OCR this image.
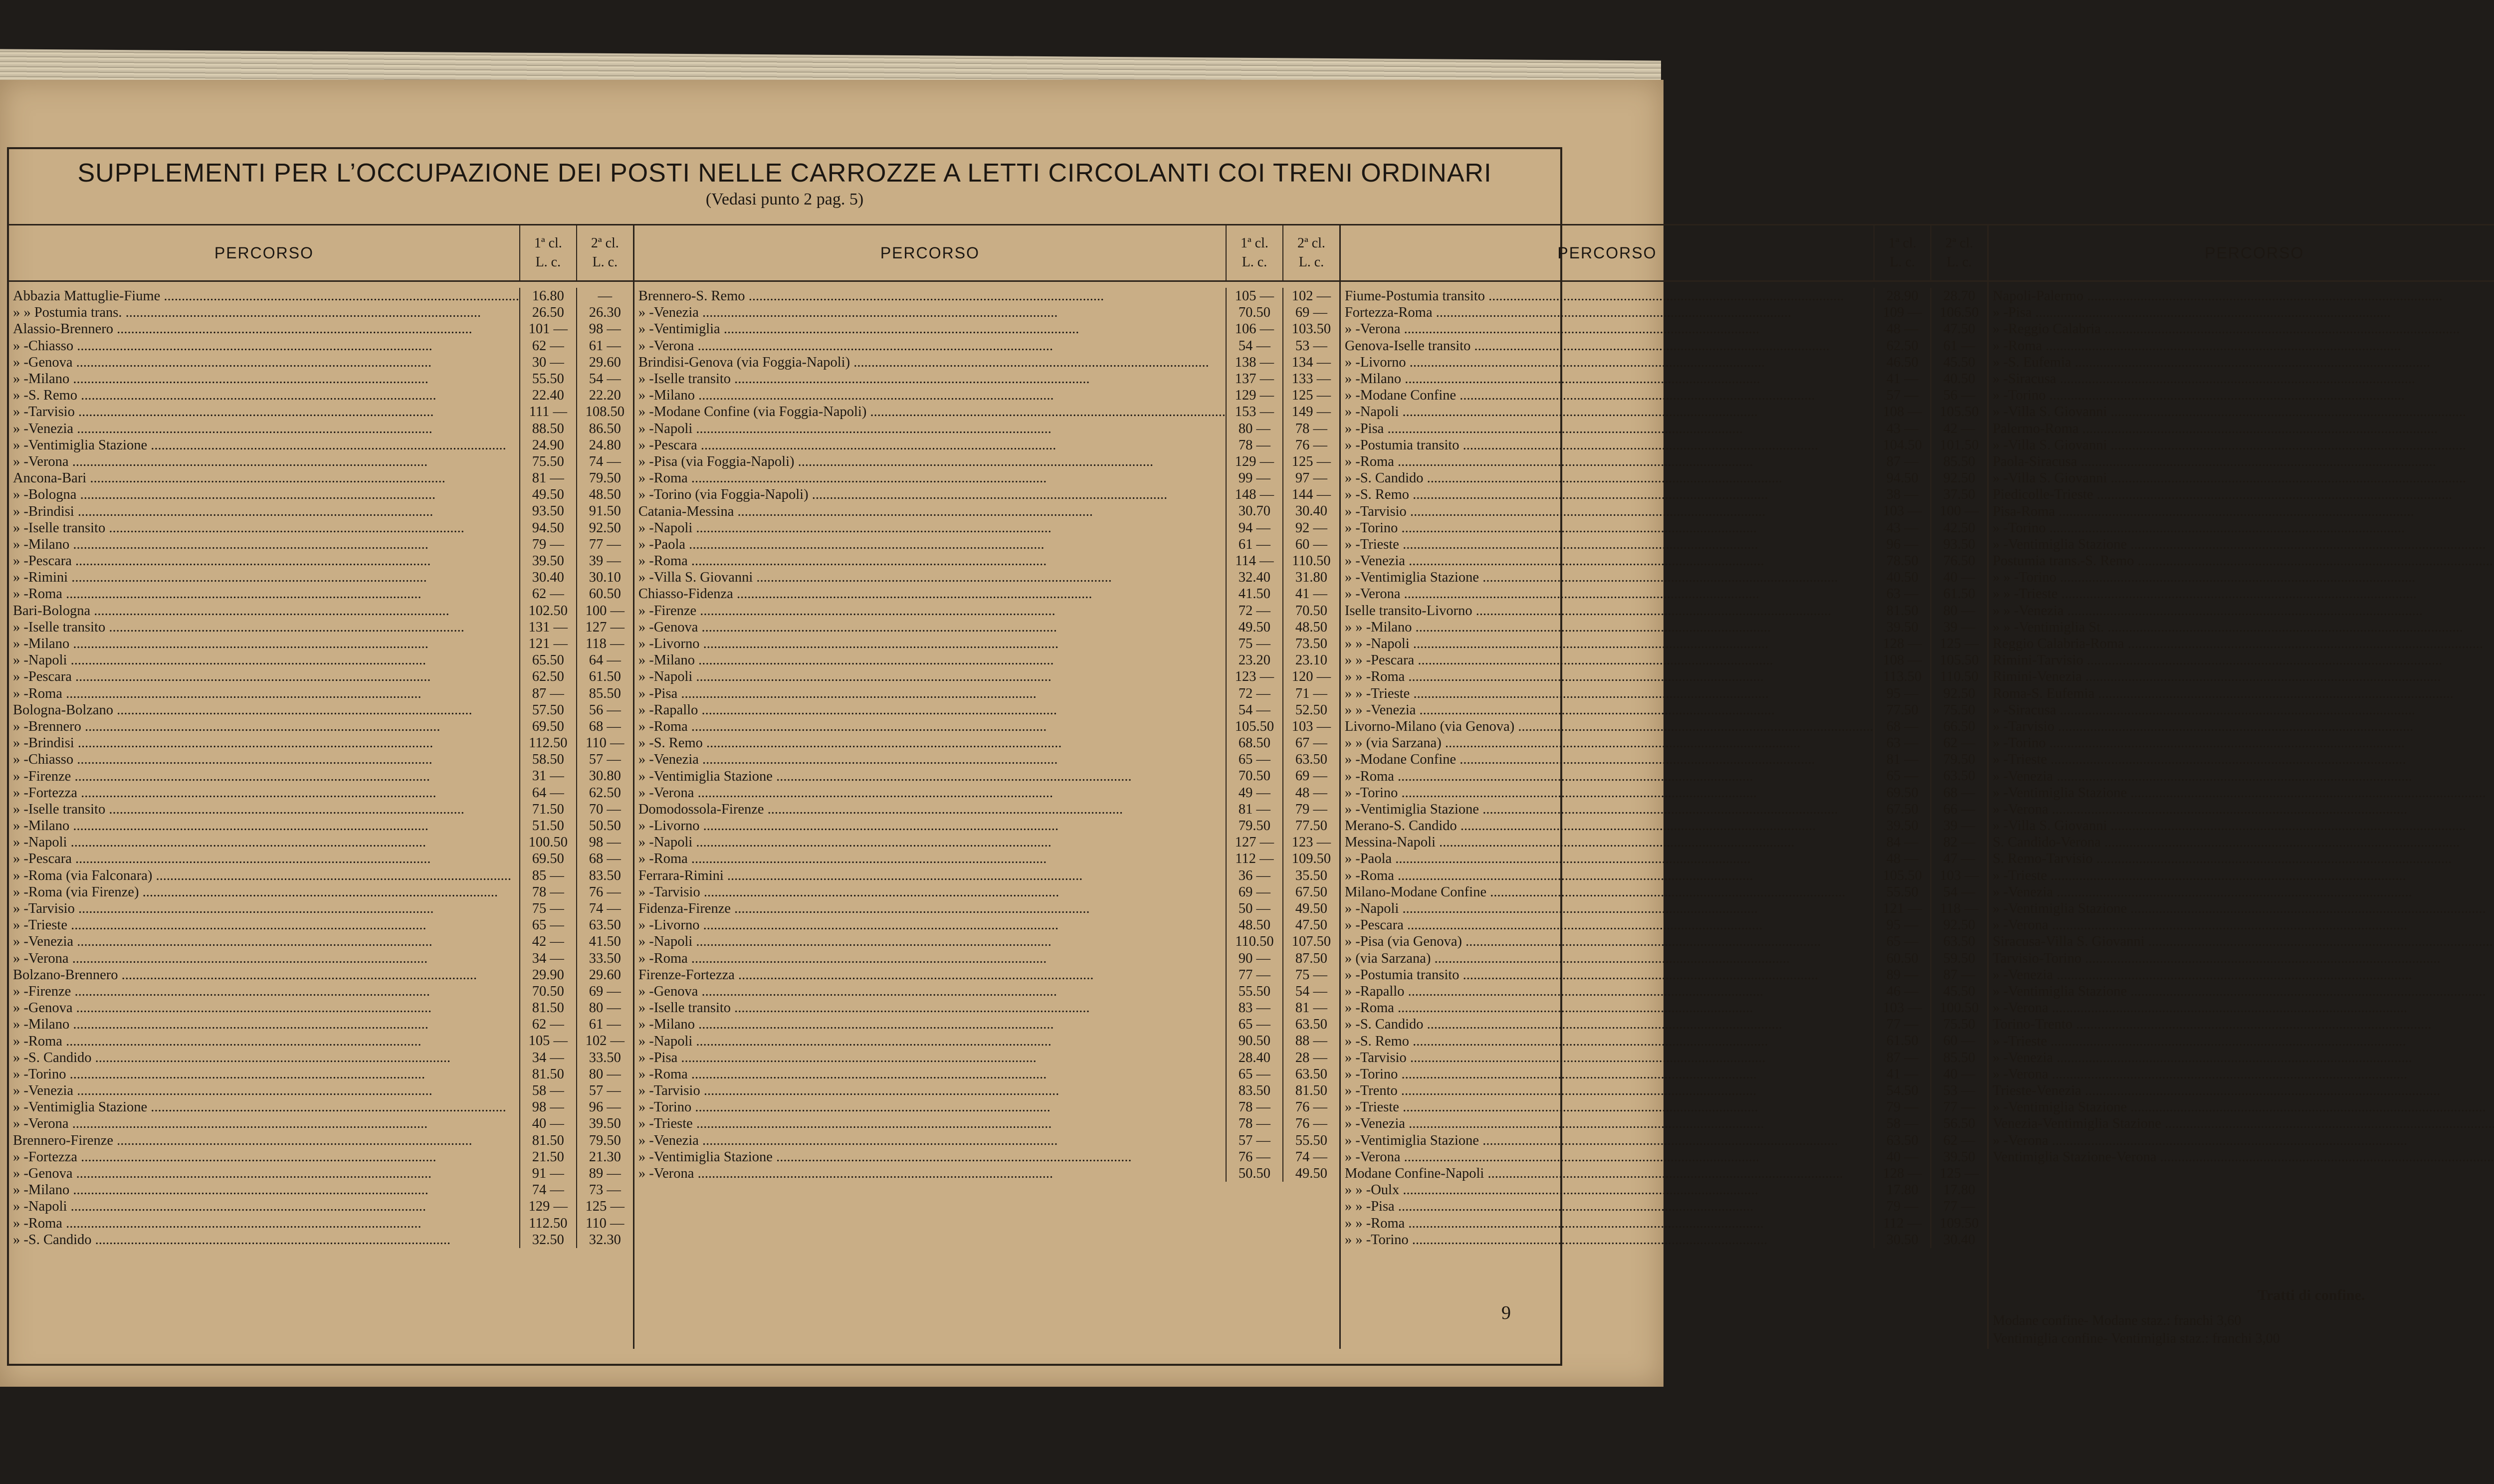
SUPPLEMENTI PER L’OCCUPAZIONE DEI POSTI NELLE CARROZZE A LETTI CIRCOLANTI COI TRENI ORDINARI
(Vedasi punto 2 pag. 5)
PERCORSO
1ª cl.
L. c.
2ª cl.
L. c.
Abbazia Mattuglie-Fiume .....	16.80	—
» » Postumia trans. .....	26.50	26.30
Alassio-Brennero .....	101 —	98 —
» -Chiasso .....	62 —	61 —
» -Genova .....	30 —	29.60
» -Milano .....	55.50	54 —
» -S. Remo .....	22.40	22.20
» -Tarvisio .....	111 —	108.50
» -Venezia .....	88.50	86.50
» -Ventimiglia Stazione .....	24.90	24.80
» -Verona .....	75.50	74 —
Ancona-Bari .....	81 —	79.50
» -Bologna .....	49.50	48.50
» -Brindisi .....	93.50	91.50
» -Iselle transito .....	94.50	92.50
» -Milano .....	79 —	77 —
» -Pescara .....	39.50	39 —
» -Rimini .....	30.40	30.10
» -Roma .....	62 —	60.50
Bari-Bologna .....	102.50	100 —
» -Iselle transito .....	131 —	127 —
» -Milano .....	121 —	118 —
» -Napoli .....	65.50	64 —
» -Pescara .....	62.50	61.50
» -Roma .....	87 —	85.50
Bologna-Bolzano .....	57.50	56 —
» -Brennero .....	69.50	68 —
» -Brindisi .....	112.50	110 —
» -Chiasso .....	58.50	57 —
» -Firenze .....	31 —	30.80
» -Fortezza .....	64 —	62.50
» -Iselle transito .....	71.50	70 —
» -Milano .....	51.50	50.50
» -Napoli .....	100.50	98 —
» -Pescara .....	69.50	68 —
» -Roma (via Falconara) .....	85 —	83.50
» -Roma (via Firenze) .....	78 —	76 —
» -Tarvisio .....	75 —	74 —
» -Trieste .....	65 —	63.50
» -Venezia .....	42 —	41.50
» -Verona .....	34 —	33.50
Bolzano-Brennero .....	29.90	29.60
» -Firenze .....	70.50	69 —
» -Genova .....	81.50	80 —
» -Milano .....	62 —	61 —
» -Roma .....	105 —	102 —
» -S. Candido .....	34 —	33.50
» -Torino .....	81.50	80 —
» -Venezia .....	58 —	57 —
» -Ventimiglia Stazione .....	98 —	96 —
» -Verona .....	40 —	39.50
Brennero-Firenze .....	81.50	79.50
» -Fortezza .....	21.50	21.30
» -Genova .....	91 —	89 —
» -Milano .....	74 —	73 —
» -Napoli .....	129 —	125 —
» -Roma .....	112.50	110 —
» -S. Candido .....	32.50	32.30
PERCORSO
1ª cl.
L. c.
2ª cl.
L. c.
Brennero-S. Remo .....	105 —	102 —
» -Venezia .....	70.50	69 —
» -Ventimiglia .....	106 —	103.50
» -Verona .....	54 —	53 —
Brindisi-Genova (via Foggia-Napoli) .....	138 —	134 —
» -Iselle transito .....	137 —	133 —
» -Milano .....	129 —	125 —
» -Modane Confine (via Foggia-Napoli) .....	153 —	149 —
» -Napoli .....	80 —	78 —
» -Pescara .....	78 —	76 —
» -Pisa (via Foggia-Napoli) .....	129 —	125 —
» -Roma .....	99 —	97 —
» -Torino (via Foggia-Napoli) .....	148 —	144 —
Catania-Messina .....	30.70	30.40
» -Napoli .....	94 —	92 —
» -Paola .....	61 —	60 —
» -Roma .....	114 —	110.50
» -Villa S. Giovanni .....	32.40	31.80
Chiasso-Fidenza .....	41.50	41 —
» -Firenze .....	72 —	70.50
» -Genova .....	49.50	48.50
» -Livorno .....	75 —	73.50
» -Milano .....	23.20	23.10
» -Napoli .....	123 —	120 —
» -Pisa .....	72 —	71 —
» -Rapallo .....	54 —	52.50
» -Roma .....	105.50	103 —
» -S. Remo .....	68.50	67 —
» -Venezia .....	65 —	63.50
» -Ventimiglia Stazione .....	70.50	69 —
» -Verona .....	49 —	48 —
Domodossola-Firenze .....	81 —	79 —
» -Livorno .....	79.50	77.50
» -Napoli .....	127 —	123 —
» -Roma .....	112 —	109.50
Ferrara-Rimini .....	36 —	35.50
» -Tarvisio .....	69 —	67.50
Fidenza-Firenze .....	50 —	49.50
» -Livorno .....	48.50	47.50
» -Napoli .....	110.50	107.50
» -Roma .....	90 —	87.50
Firenze-Fortezza .....	77 —	75 —
» -Genova .....	55.50	54 —
» -Iselle transito .....	83 —	81 —
» -Milano .....	65 —	63.50
» -Napoli .....	90.50	88 —
» -Pisa .....	28.40	28 —
» -Roma .....	65 —	63.50
» -Tarvisio .....	83.50	81.50
» -Torino .....	78 —	76 —
» -Trieste .....	78 —	76 —
» -Venezia .....	57 —	55.50
» -Ventimiglia Stazione .....	76 —	74 —
» -Verona .....	50.50	49.50
PERCORSO
1ª cl.
L. c.
2ª cl.
L. c.
Fiume-Postumia transito .....	28.90	28.70
Fortezza-Roma .....	109 —	106.50
» -Verona .....	48 —	47.50
Genova-Iselle transito .....	62.50	61 —
» -Livorno .....	46.50	45.50
» -Milano .....	41 —	40.50
» -Modane Confine .....	57 —	56 —
» -Napoli .....	108 —	105.50
» -Pisa .....	43 —	42 —
» -Postumia transito .....	104.50	101.50
» -Roma .....	87 —	85.50
» -S. Candido .....	94.50	92.50
» -S. Remo .....	38 —	37.50
» -Tarvisio .....	103 —	100 —
» -Torino .....	43 —	42.50
» -Trieste .....	96 —	93.50
» -Venezia .....	78.50	76.50
» -Ventimiglia Stazione .....	40.50	40 —
» -Verona .....	63 —	61.50
Iselle transito-Livorno .....	81.50	80 —
» » -Milano .....	39.50	39 —
» » -Napoli .....	128 —	125 —
» » -Pescara .....	108 —	105.50
» » -Roma .....	113.50	110.50
» » -Trieste .....	95 —	92.50
» » -Venezia .....	77.50	75.50
Livorno-Milano (via Genova) .....	68 —	66.50
» » (via Sarzana) .....	63 —	62 —
» -Modane Confine .....	81 —	79.50
» -Roma .....	65 —	63.50
» -Torino .....	69.50	68 —
» -Ventimiglia Stazione .....	67.50	66 —
Merano-S. Candido .....	39.50	39 —
Messina-Napoli .....	84 —	82 —
» -Paola .....	48 —	47 —
» -Roma .....	105.50	103 —
Milano-Modane Confine .....	55.50	54 —
» -Napoli .....	121 —	118 —
» -Pescara .....	95 —	92.50
» -Pisa (via Genova) .....	65 —	63.50
» (via Sarzana) .....	60.50	59.50
» -Postumia transito .....	89 —	87 —
» -Rapallo .....	46 —	45.50
» -Roma .....	103 —	100.50
» -S. Candido .....	77 —	75.50
» -S. Remo .....	61.50	60 —
» -Tarvisio .....	87 —	85.50
» -Torino .....	41 —	40 —
» -Trento .....	54.50	53 —
» -Trieste .....	79 —	77 —
» -Venezia .....	58 —	56.50
» -Ventimiglia Stazione .....	63.50	62 —
» -Verona .....	40 —	39.50
Modane Confine-Napoli .....	128 —	125 —
» » -Oulx .....	17.80	17.80
» » -Pisa .....	79 —	77 —
» » -Roma .....	112 —	109.50
» » -Torino .....	30.50	30.40
PERCORSO
Napoli-Palermo .....
» -Pisa .....
» -Reggio Calabria .....
» -Roma .....
» -S. Eufemia .....
» -Siracusa .....
» -Torino .....
» -Villa S. Giovanni .....
Palermo-Roma .....
» -Villa S. Giovanni .....
Paola-Siracusa .....
» -Villa S. Giovanni .....
Piedicolle-Trieste .....
Pisa-Roma .....
» -Torino .....
» -Ventimiglia Stazione .....
Postumia trans.-S. Remo .....
» » -Torino .....
» » -Trieste .....
» » -Venezia .....
» » -Ventimiglia St. .....
Reggio Calabria-Roma .....
Rimini-Tarvisio .....
Rimini-Venezia .....
Roma-S. Eufemia .....
» -Siracusa .....
» -Tarvisio .....
» -Torino .....
» -Trieste .....
» -Venezia .....
» -Ventimiglia Stazione .....
» -Verona .....
» -Villa S. Giovanni .....
S. Candido-Verona .....
S. Remo-Tarvisio .....
» -Trieste .....
» -Venezia .....
» -Ventimiglia Stazione .....
» -Verona .....
Siracusa-Villa S. Giovanni .....
Tarvisio-Torino .....
» -Venezia .....
» -Ventimiglia Stazione .....
» -Verona .....
Torino-Trento .....
» -Trieste .....
» -Venezia .....
» -Verona .....
Trieste-Venezia .....
» -Ventimiglia Stazione .....
Venezia-Ventimiglia Stazione .....
» -Verona .....
Ventimiglia Stazione-Verona .....
Tratti di confine.
Modane confine- Modane staz.: franchi 3,60
Ventimiglia confine- Ventimiglia staz.: franchi 3,00
9
